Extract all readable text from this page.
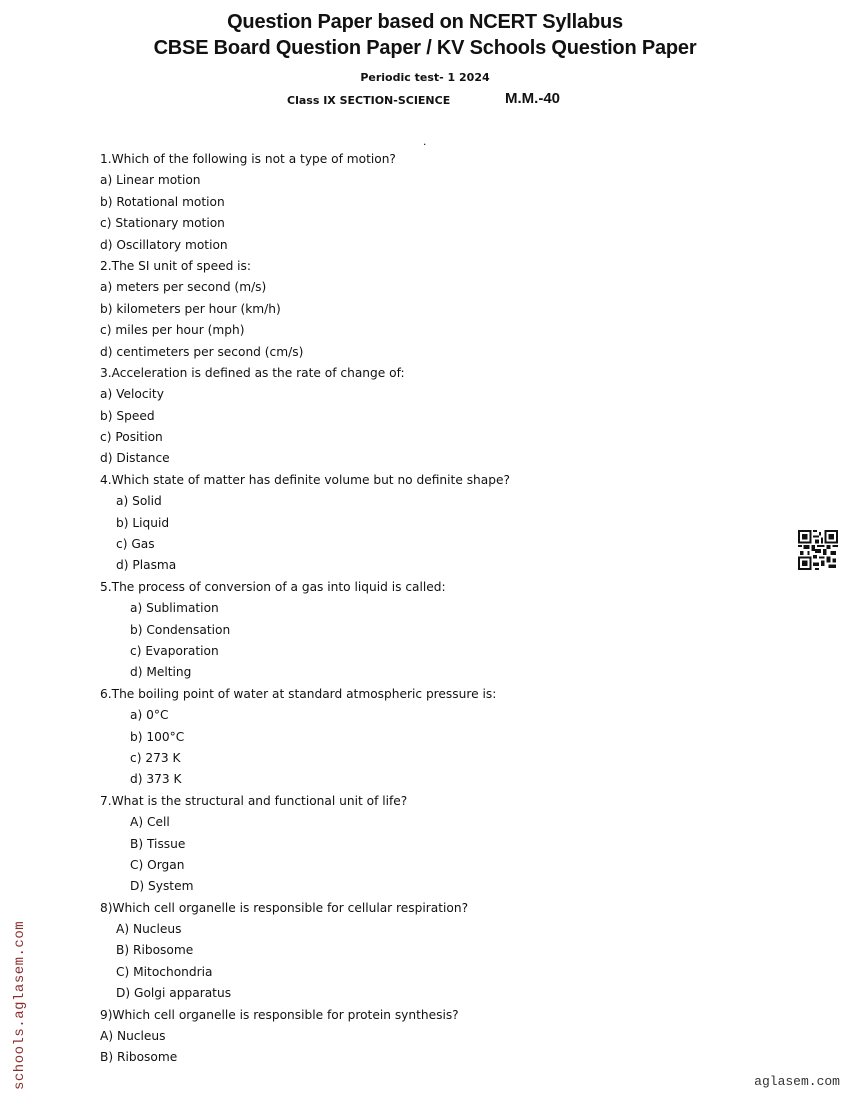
Question Paper based on NCERT Syllabus
CBSE Board Question Paper / KV Schools Question Paper
Periodic test- 1 2024
Class IX SECTION-SCIENCE	M.M.-40
.
1.Which of the following is not a type of motion?
a) Linear motion
b) Rotational motion
c) Stationary motion
d) Oscillatory motion
2.The SI unit of speed is:
a) meters per second (m/s)
b) kilometers per hour (km/h)
c) miles per hour (mph)
d) centimeters per second (cm/s)
3.Acceleration is defined as the rate of change of:
a) Velocity
b) Speed
c) Position
d) Distance
4.Which state of matter has definite volume but no definite shape?
a) Solid
b) Liquid
c) Gas
d) Plasma
5.The process of conversion of a gas into liquid is called:
a) Sublimation
b) Condensation
c) Evaporation
d) Melting
6.The boiling point of water at standard atmospheric pressure is:
a) 0°C
b) 100°C
c) 273 K
d) 373 K
7.What is the structural and functional unit of life?
A) Cell
B) Tissue
C) Organ
D) System
8)Which cell organelle is responsible for cellular respiration?
A) Nucleus
B) Ribosome
C) Mitochondria
D) Golgi apparatus
9)Which cell organelle is responsible for protein synthesis?
A) Nucleus
B) Ribosome
schools.aglasem.com	aglasem.com
